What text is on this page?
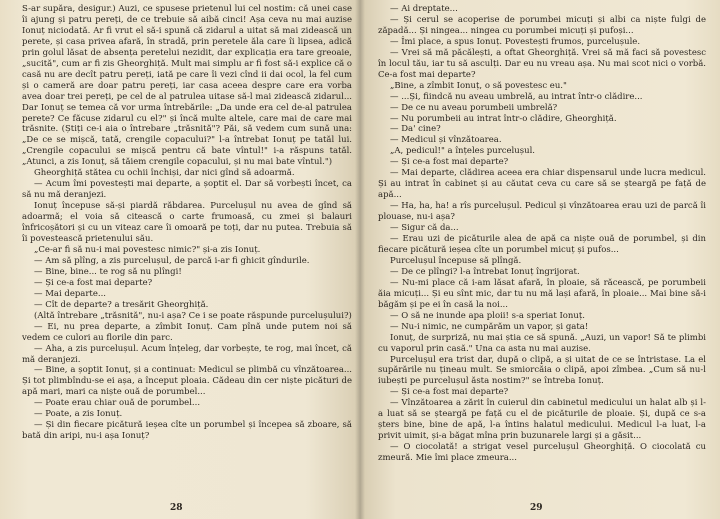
S-ar supăra, desigur.) Auzi, ce spusese prietenul lui cel nostim: că unei case îi ajung și patru pereți, de ce trebuie să aibă cinci! Așa ceva nu mai auzise Ionuț niciodată. Ar fi vrut el să-i spună că zidarul a uitat să mai zidească un perete, și casa privea afară, în stradă, prin peretele ăla care îi lipsea, adică prin golul lăsat de absența peretelui nezidit, dar explicația era tare greoaie, „sucită", cum ar fi zis Gheorghiță. Mult mai simplu ar fi fost să-i explice că o casă nu are decît patru pereți, iată pe care îi vezi cînd ii dai ocol, la fel cum și o cameră are doar patru pereți, iar casa aceea despre care era vorba avea doar trei pereți, pe cel de al patrulea uitase să-l mai zidească zidarul... Dar Ionuț se temea că vor urma întrebările: „Da unde era cel de-al patrulea perete? Ce făcuse zidarul cu el?" și încă multe altele, care mai de care mai trăsnite. (Știți ce-i aia o întrebare „trăsnită"? Păi, să vedem cum sună una: „De ce se mișcă, tată, crengile copacului?" l-a întrebat Ionuț pe tatăl lui. „Crengile copacului se mișcă pentru că bate vîntul!" i-a răspuns tatăl. „Atunci, a zis Ionuț, să tăiem crengile copacului, și nu mai bate vîntul.")

Gheorghiță stătea cu ochii închiși, dar nici gînd să adoarmă.

— Acum îmi povestești mai departe, a șoptit el. Dar să vorbești încet, ca să nu mă deranjezi.

Ionuț începuse să-și piardă răbdarea. Purcelușul nu avea de gînd să adoarmă; el voia să citească o carte frumoasă, cu zmei și balauri înfricoșători și cu un viteaz care îi omoară pe toți, dar nu putea. Trebuia să îi povestească prietenului său.

„Ce-ar fi să nu-i mai povestesc nimic?" și-a zis Ionuț.

— Am să plîng, a zis purcelușul, de parcă i-ar fi ghicit gîndurile.

— Bine, bine... te rog să nu plîngi!

— Și ce-a fost mai departe?

— Mai departe...

— Cît de departe? a tresărit Gheorghiță.

(Altă întrebare „trăsnită", nu-i așa? Ce i se poate răspunde purcelușului?)

— Ei, nu prea departe, a zîmbit Ionuț. Cam pînă unde putem noi să vedem ce culori au florile din parc.

— Aha, a zis purcelușul. Acum înțeleg, dar vorbește, te rog, mai încet, că mă deranjezi.

— Bine, a șoptit Ionuț, și a continuat: Medicul se plimbă cu vînzătoarea... Și tot plimbîndu-se ei așa, a început ploaia. Cădeau din cer niște picături de apă mari, mari ca niște ouă de porumbel...

— Poate erau chiar ouă de porumbel...

— Poate, a zis Ionuț.

— Și din fiecare picătură ieșea cîte un porumbel și începea să zboare, să bată din aripi, nu-i așa Ionuț?

28

— Ai dreptate...

— Și cerul se acoperise de porumbei micuți și albi ca niște fulgi de zăpadă... Și ningea... ningea cu porumbei micuți și pufoși...

— Îmi place, a spus Ionuț. Povestești frumos, purcelușule.

— Vrei să mă păcălești, a oftat Gheorghiță. Vrei să mă faci să povestesc în locul tău, iar tu să asculți. Dar eu nu vreau așa. Nu mai scot nici o vorbă. Ce-a fost mai departe?

„Bine, a zîmbit Ionuț, o să povestesc eu."

— ...Și, fiindcă nu aveau umbrelă, au intrat într-o clădire...

— De ce nu aveau porumbeii umbrelă?

— Nu porumbeii au intrat într-o clădire, Gheorghiță.

— Da' cine?

— Medicul și vînzătoarea.

„A, pedicul!" a înțeles purcelușul.

— Și ce-a fost mai departe?

— Mai departe, clădirea aceea era chiar dispensarul unde lucra medicul. Și au intrat în cabinet și au căutat ceva cu care să se șteargă pe față de apă...

— Ha, ha, ha! a rîs purcelușul. Pedicul și vînzătoarea erau uzi de parcă îi plouase, nu-i așa?

— Sigur că da...

— Erau uzi de picăturile alea de apă ca niște ouă de porumbel, și din fiecare picătură ieșea cîte un porumbel micuț și pufos...

Purcelușul începuse să plîngă.

— De ce plîngi? l-a întrebat Ionuț îngrijorat.

— Nu-mi place că i-am lăsat afară, în ploaie, să răcească, pe porumbeii ăia micuți... Și eu sînt mic, dar tu nu mă lași afară, în ploaie... Mai bine să-i băgăm și pe ei în casă la noi...

— O să ne inunde apa ploii! s-a speriat Ionuț.

— Nu-i nimic, ne cumpărăm un vapor, și gata!

Ionuț, de surpriză, nu mai știa ce să spună. „Auzi, un vapor! Să te plimbi cu vaporul prin casă." Una ca asta nu mai auzise.

Purcelușul era trist dar, după o clipă, a și uitat de ce se întristase. La el supărările nu țineau mult. Se smiorcăia o clipă, apoi zîmbea. „Cum să nu-l iubești pe purcelușul ăsta nostim?" se întreba Ionuț.

— Și ce-a fost mai departe?

— Vînzătoarea a zărit în cuierul din cabinetul medicului un halat alb și l-a luat să se șteargă pe față cu el de picăturile de ploaie. Și, după ce s-a șters bine, bine de apă, l-a întins halatul medicului. Medicul l-a luat, l-a privit uimit, și-a băgat mîna prin buzunarele largi și a găsit...

— O ciocolată! a strigat vesel purcelușul Gheorghiță. O ciocolată cu zmeură. Mie îmi place zmeura...

29
